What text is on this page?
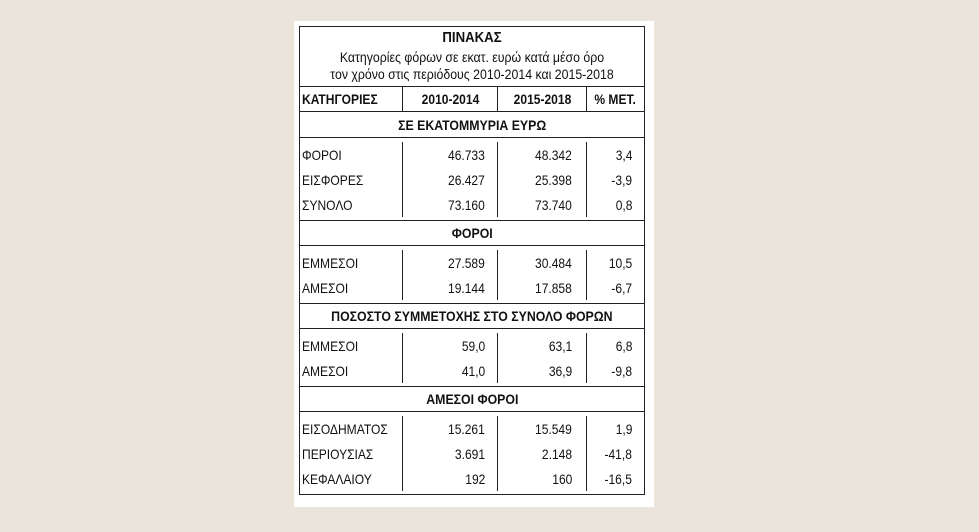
ΠΙΝΑΚΑΣ
Κατηγορίες φόρων σε εκατ. ευρώ κατά μέσο όρο
τον χρόνο στις περιόδους 2010-2014 και 2015-2018
ΚΑΤΗΓΟΡΙΕΣ	2010-2014 2015-2018 % ΜΕΤ.
ΣΕ ΕΚΑΤΟΜΜΥΡΙΑ ΕΥΡΩ
ΦΟΡΟΙ	46.733	48.342	3,4
ΕΙΣΦΟΡΕΣ	26.427	25.398	-3,9
ΣΥΝΟΛΟ	73.160	73.740	0,8
ΦΟΡΟΙ
ΕΜΜΕΣΟΙ	27.589	30.484	10,5
ΑΜΕΣΟΙ	19.144	17.858	-6,7
ΠΟΣΟΣΤΟ ΣΥΜΜΕΤΟΧΗΣ ΣΤΟ ΣΥΝΟΛΟ ΦΟΡΩΝ
ΕΜΜΕΣΟΙ	59,0	63,1	6,8
ΑΜΕΣΟΙ	41,0	36,9	-9,8
ΑΜΕΣΟΙ ΦΟΡΟΙ
ΕΙΣΟΔΗΜΑΤΟΣ	15.261	15.549	1,9
ΠΕΡΙΟΥΣΙΑΣ	3.691	2.148 -41,8
ΚΕΦΑΛΑΙΟΥ	192	160 -16,5
